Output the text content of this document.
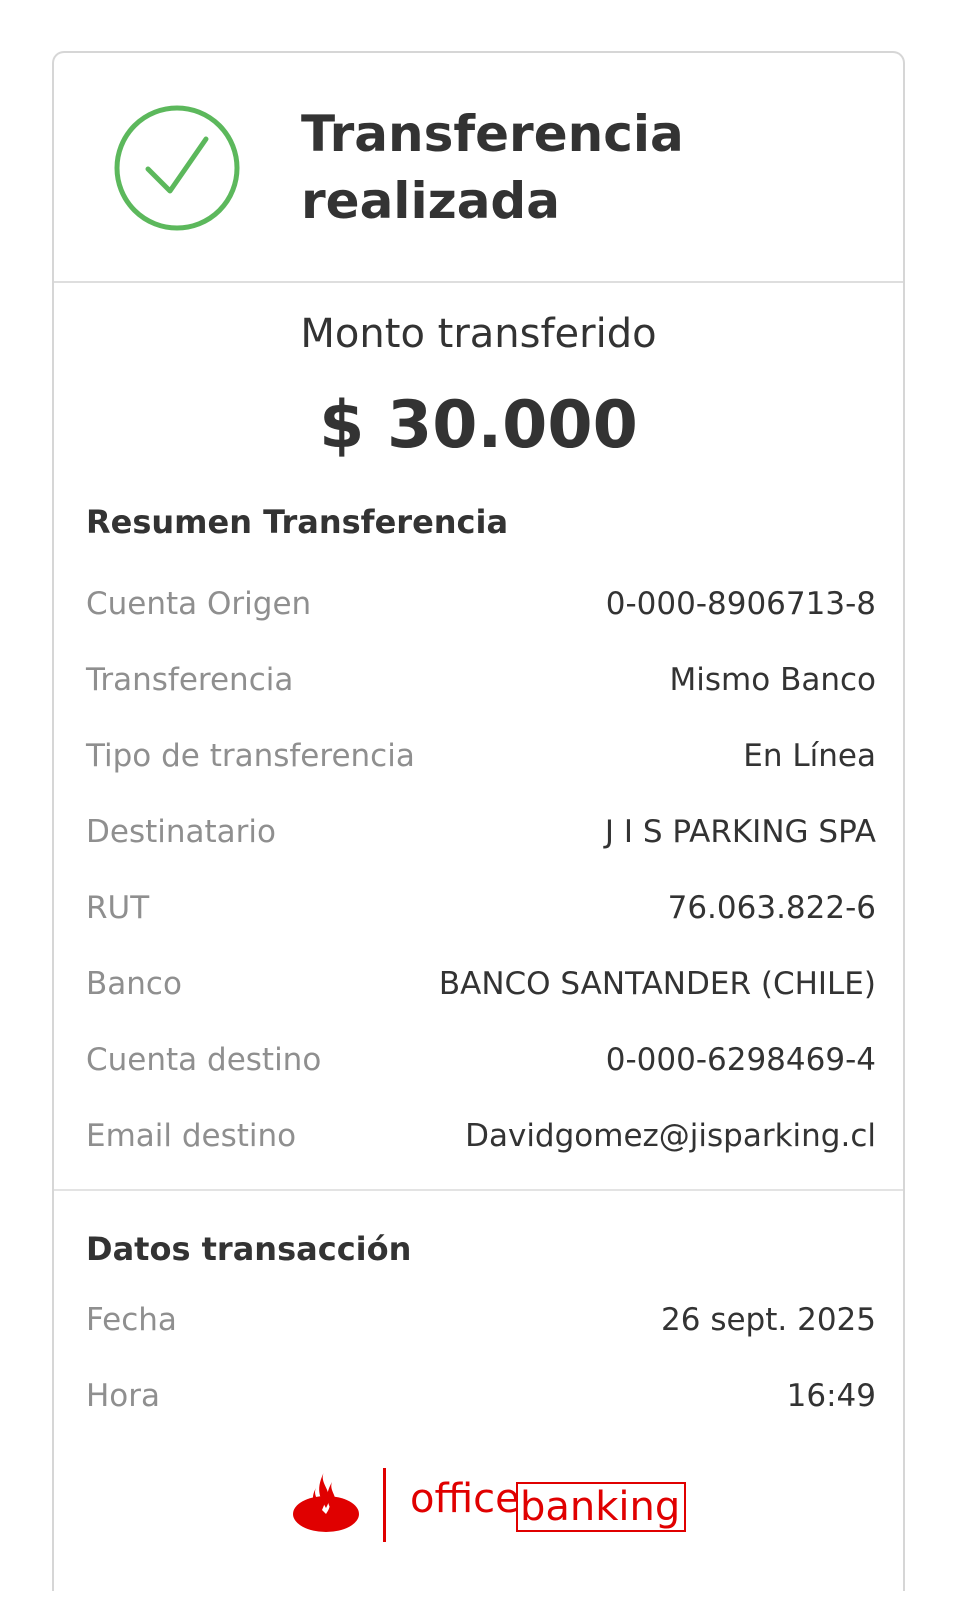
Transferencia
realizada
Monto transferido
$ 30.000
Resumen Transferencia
Cuenta Origen	0-000-8906713-8
Transferencia	Mismo Banco
Tipo de transferencia	En Línea
Destinatario	J I S PARKING SPA
RUT	76.063.822-6
Banco	BANCO SANTANDER (CHILE)
Cuenta destino	0-000-6298469-4
Email destino	Davidgomez@jisparking.cl
Datos transacción
Fecha	26 sept. 2025
Hora	16:49
office banking
